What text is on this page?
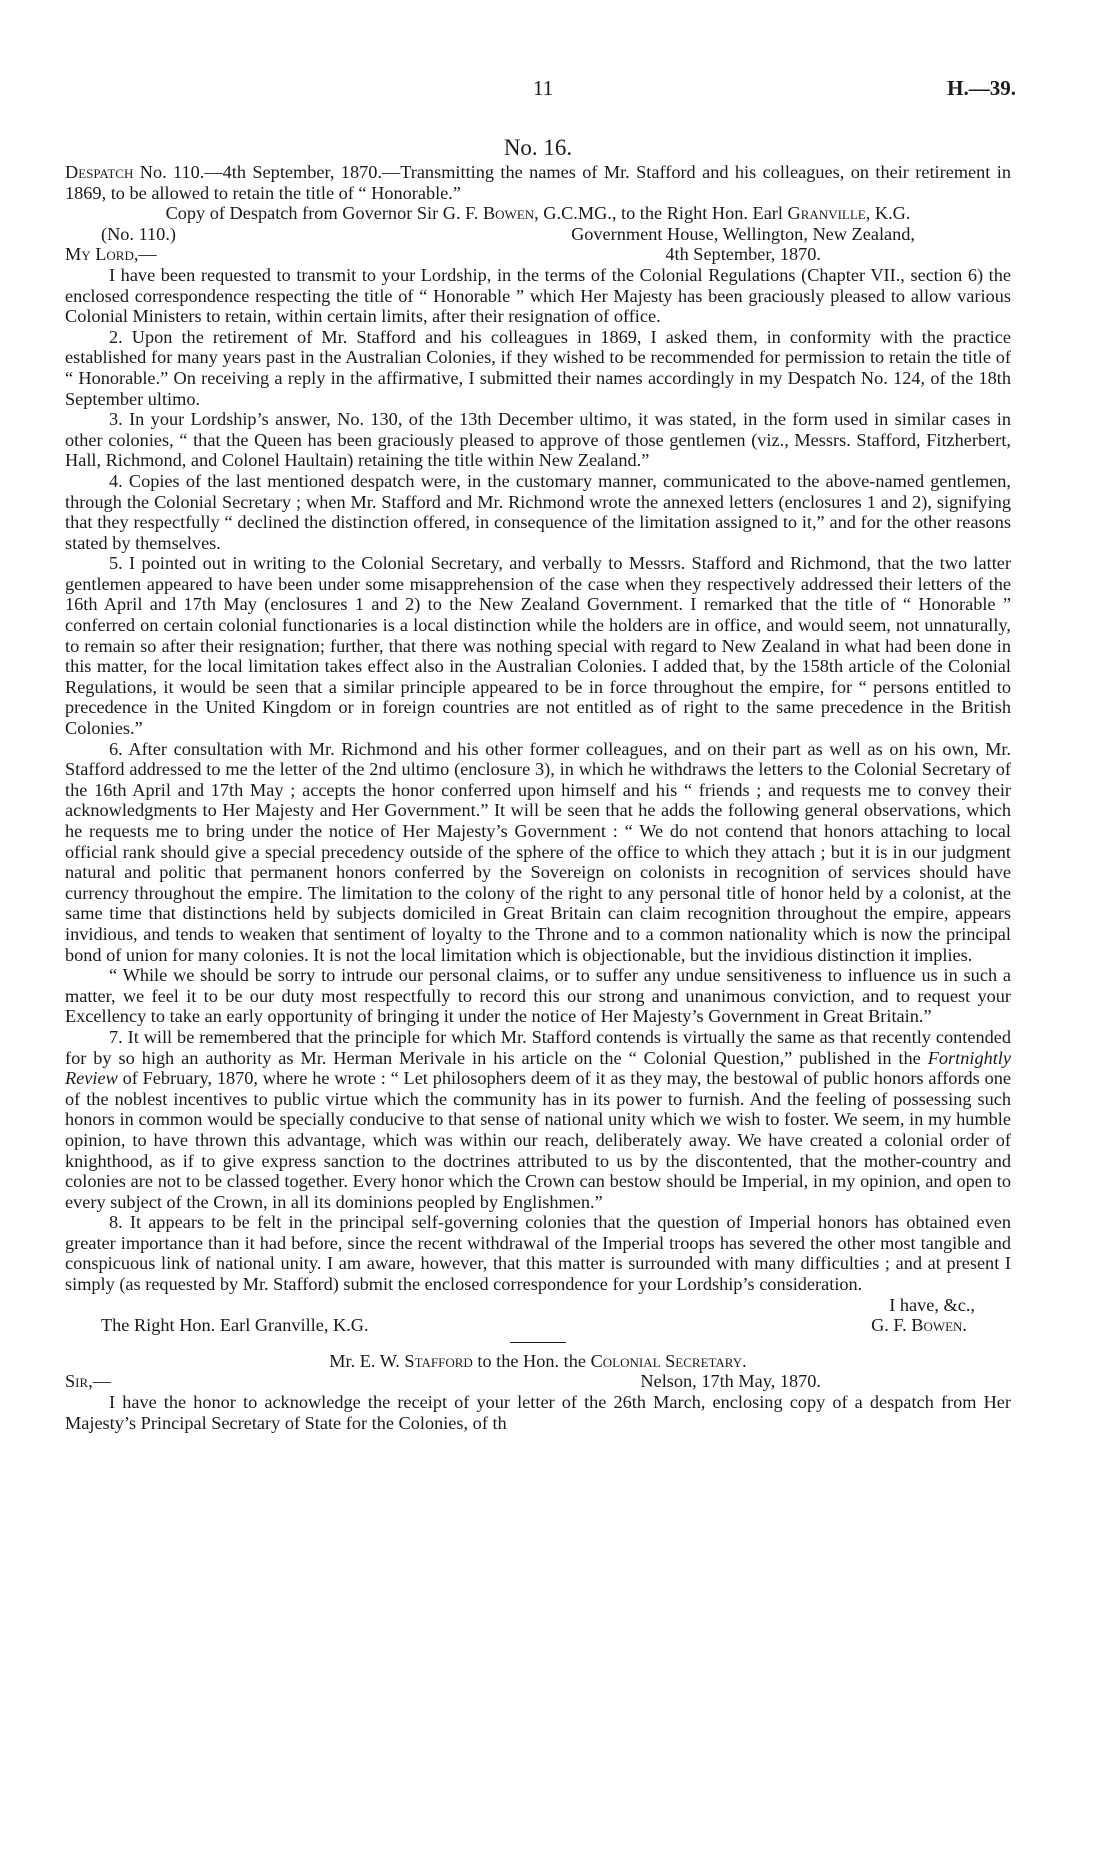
11	H.—39.
No. 16.
Despatch No. 110.—4th September, 1870.—Transmitting the names of Mr. Stafford and his colleagues, on their retirement in 1869, to be allowed to retain the title of “ Honorable.”
Copy of Despatch from Governor Sir G. F. Bowen, G.C.MG., to the Right Hon. Earl Granville, K.G.
(No. 110.)	Government House, Wellington, New Zealand,
My Lord,—	4th September, 1870.
I have been requested to transmit to your Lordship, in the terms of the Colonial Regulations (Chapter VII., section 6) the enclosed correspondence respecting the title of “ Honorable ” which Her Majesty has been graciously pleased to allow various Colonial Ministers to retain, within certain limits, after their resignation of office.
2. Upon the retirement of Mr. Stafford and his colleagues in 1869, I asked them, in conformity with the practice established for many years past in the Australian Colonies, if they wished to be recommended for permission to retain the title of “ Honorable.” On receiving a reply in the affirmative, I submitted their names accordingly in my Despatch No. 124, of the 18th September ultimo.
3. In your Lordship’s answer, No. 130, of the 13th December ultimo, it was stated, in the form used in similar cases in other colonies, “ that the Queen has been graciously pleased to approve of those gentlemen (viz., Messrs. Stafford, Fitzherbert, Hall, Richmond, and Colonel Haultain) retaining the title within New Zealand.”
4. Copies of the last mentioned despatch were, in the customary manner, communicated to the above-named gentlemen, through the Colonial Secretary ; when Mr. Stafford and Mr. Richmond wrote the annexed letters (enclosures 1 and 2), signifying that they respectfully “ declined the distinction offered, in consequence of the limitation assigned to it,” and for the other reasons stated by themselves.
5. I pointed out in writing to the Colonial Secretary, and verbally to Messrs. Stafford and Richmond, that the two latter gentlemen appeared to have been under some misapprehension of the case when they respectively addressed their letters of the 16th April and 17th May (enclosures 1 and 2) to the New Zealand Government. I remarked that the title of “ Honorable ” conferred on certain colonial functionaries is a local distinction while the holders are in office, and would seem, not unnaturally, to remain so after their resignation; further, that there was nothing special with regard to New Zealand in what had been done in this matter, for the local limitation takes effect also in the Australian Colonies. I added that, by the 158th article of the Colonial Regulations, it would be seen that a similar principle appeared to be in force throughout the empire, for “ persons entitled to precedence in the United Kingdom or in foreign countries are not entitled as of right to the same precedence in the British Colonies.”
6. After consultation with Mr. Richmond and his other former colleagues, and on their part as well as on his own, Mr. Stafford addressed to me the letter of the 2nd ultimo (enclosure 3), in which he withdraws the letters to the Colonial Secretary of the 16th April and 17th May ; accepts the honor conferred upon himself and his “ friends ; and requests me to convey their acknowledgments to Her Majesty and Her Government.” It will be seen that he adds the following general observations, which he requests me to bring under the notice of Her Majesty’s Government : “ We do not contend that honors attaching to local official rank should give a special precedency outside of the sphere of the office to which they attach ; but it is in our judgment natural and politic that permanent honors conferred by the Sovereign on colonists in recognition of services should have currency throughout the empire. The limitation to the colony of the right to any personal title of honor held by a colonist, at the same time that distinctions held by subjects domiciled in Great Britain can claim recognition throughout the empire, appears invidious, and tends to weaken that sentiment of loyalty to the Throne and to a common nationality which is now the principal bond of union for many colonies. It is not the local limitation which is objectionable, but the invidious distinction it implies.
“ While we should be sorry to intrude our personal claims, or to suffer any undue sensitiveness to influence us in such a matter, we feel it to be our duty most respectfully to record this our strong and unanimous conviction, and to request your Excellency to take an early opportunity of bringing it under the notice of Her Majesty’s Government in Great Britain.”
7. It will be remembered that the principle for which Mr. Stafford contends is virtually the same as that recently contended for by so high an authority as Mr. Herman Merivale in his article on the “ Colonial Question,” published in the Fortnightly Review of February, 1870, where he wrote : “ Let philosophers deem of it as they may, the bestowal of public honors affords one of the noblest incentives to public virtue which the community has in its power to furnish. And the feeling of possessing such honors in common would be specially conducive to that sense of national unity which we wish to foster. We seem, in my humble opinion, to have thrown this advantage, which was within our reach, deliberately away. We have created a colonial order of knighthood, as if to give express sanction to the doctrines attributed to us by the discontented, that the mother-country and colonies are not to be classed together. Every honor which the Crown can bestow should be Imperial, in my opinion, and open to every subject of the Crown, in all its dominions peopled by Englishmen.”
8. It appears to be felt in the principal self-governing colonies that the question of Imperial honors has obtained even greater importance than it had before, since the recent withdrawal of the Imperial troops has severed the other most tangible and conspicuous link of national unity. I am aware, however, that this matter is surrounded with many difficulties ; and at present I simply (as requested by Mr. Stafford) submit the enclosed correspondence for your Lordship’s consideration.
I have, &c.,
The Right Hon. Earl Granville, K.G.	G. F. Bowen.
Mr. E. W. Stafford to the Hon. the Colonial Secretary.
Sir,—	Nelson, 17th May, 1870.
I have the honor to acknowledge the receipt of your letter of the 26th March, enclosing copy of a despatch from Her Majesty’s Principal Secretary of State for the Colonies, of th
